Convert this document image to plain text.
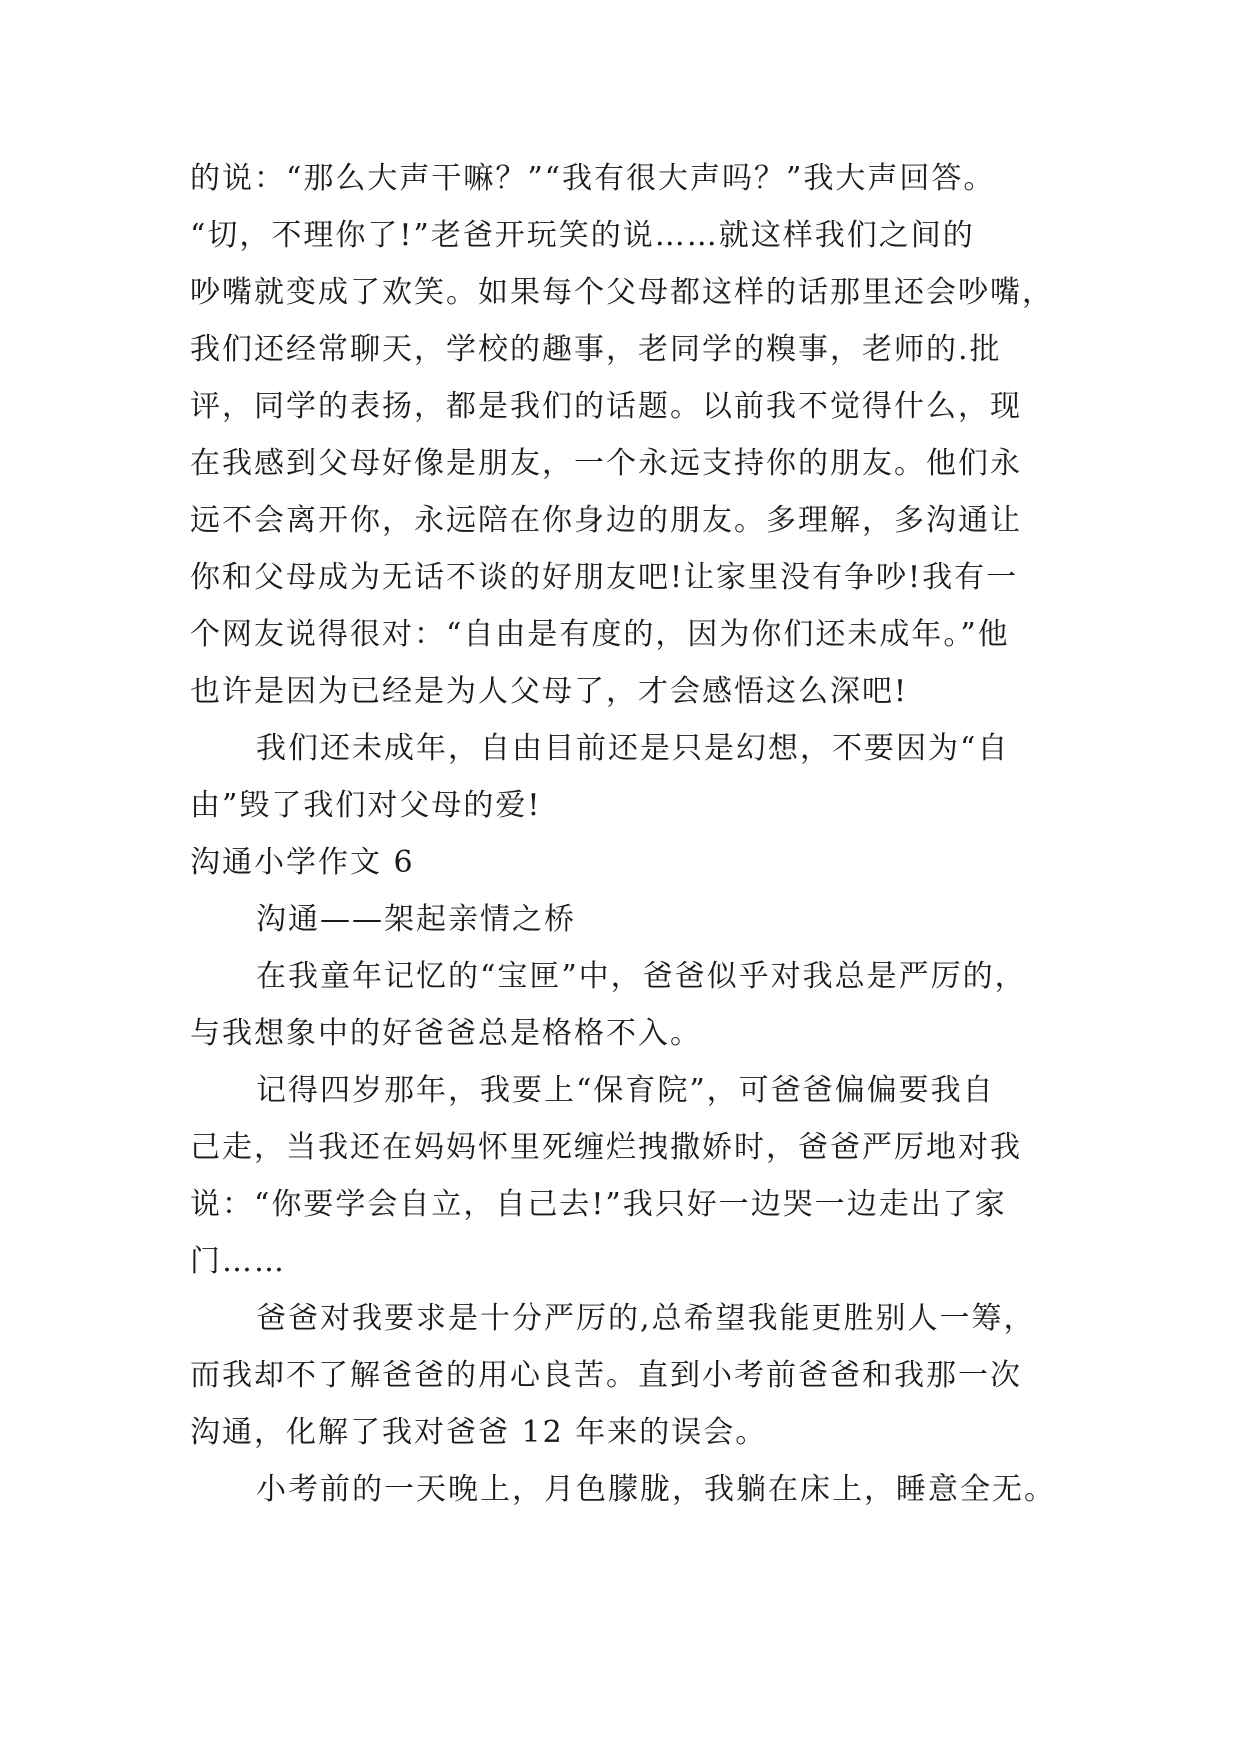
的说：“那么大声干嘛？”“我有很大声吗？”我大声回答。
“切，不理你了!”老爸开玩笑的说……就这样我们之间的
吵嘴就变成了欢笑。如果每个父母都这样的话那里还会吵嘴，
我们还经常聊天，学校的趣事，老同学的糗事，老师的.批
评，同学的表扬，都是我们的话题。以前我不觉得什么，现
在我感到父母好像是朋友，一个永远支持你的朋友。他们永
远不会离开你，永远陪在你身边的朋友。多理解，多沟通让
你和父母成为无话不谈的好朋友吧!让家里没有争吵!我有一
个网友说得很对：“自由是有度的，因为你们还未成年。”他
也许是因为已经是为人父母了，才会感悟这么深吧!
我们还未成年，自由目前还是只是幻想，不要因为“自
由”毁了我们对父母的爱!
沟通小学作文 6
沟通——架起亲情之桥
在我童年记忆的“宝匣”中，爸爸似乎对我总是严厉的，
与我想象中的好爸爸总是格格不入。
记得四岁那年，我要上“保育院”，可爸爸偏偏要我自
己走，当我还在妈妈怀里死缠烂拽撒娇时，爸爸严厉地对我
说：“你要学会自立，自己去!”我只好一边哭一边走出了家
门……
爸爸对我要求是十分严厉的,总希望我能更胜别人一筹，
而我却不了解爸爸的用心良苦。直到小考前爸爸和我那一次
沟通，化解了我对爸爸 12 年来的误会。
小考前的一天晚上，月色朦胧，我躺在床上，睡意全无。
